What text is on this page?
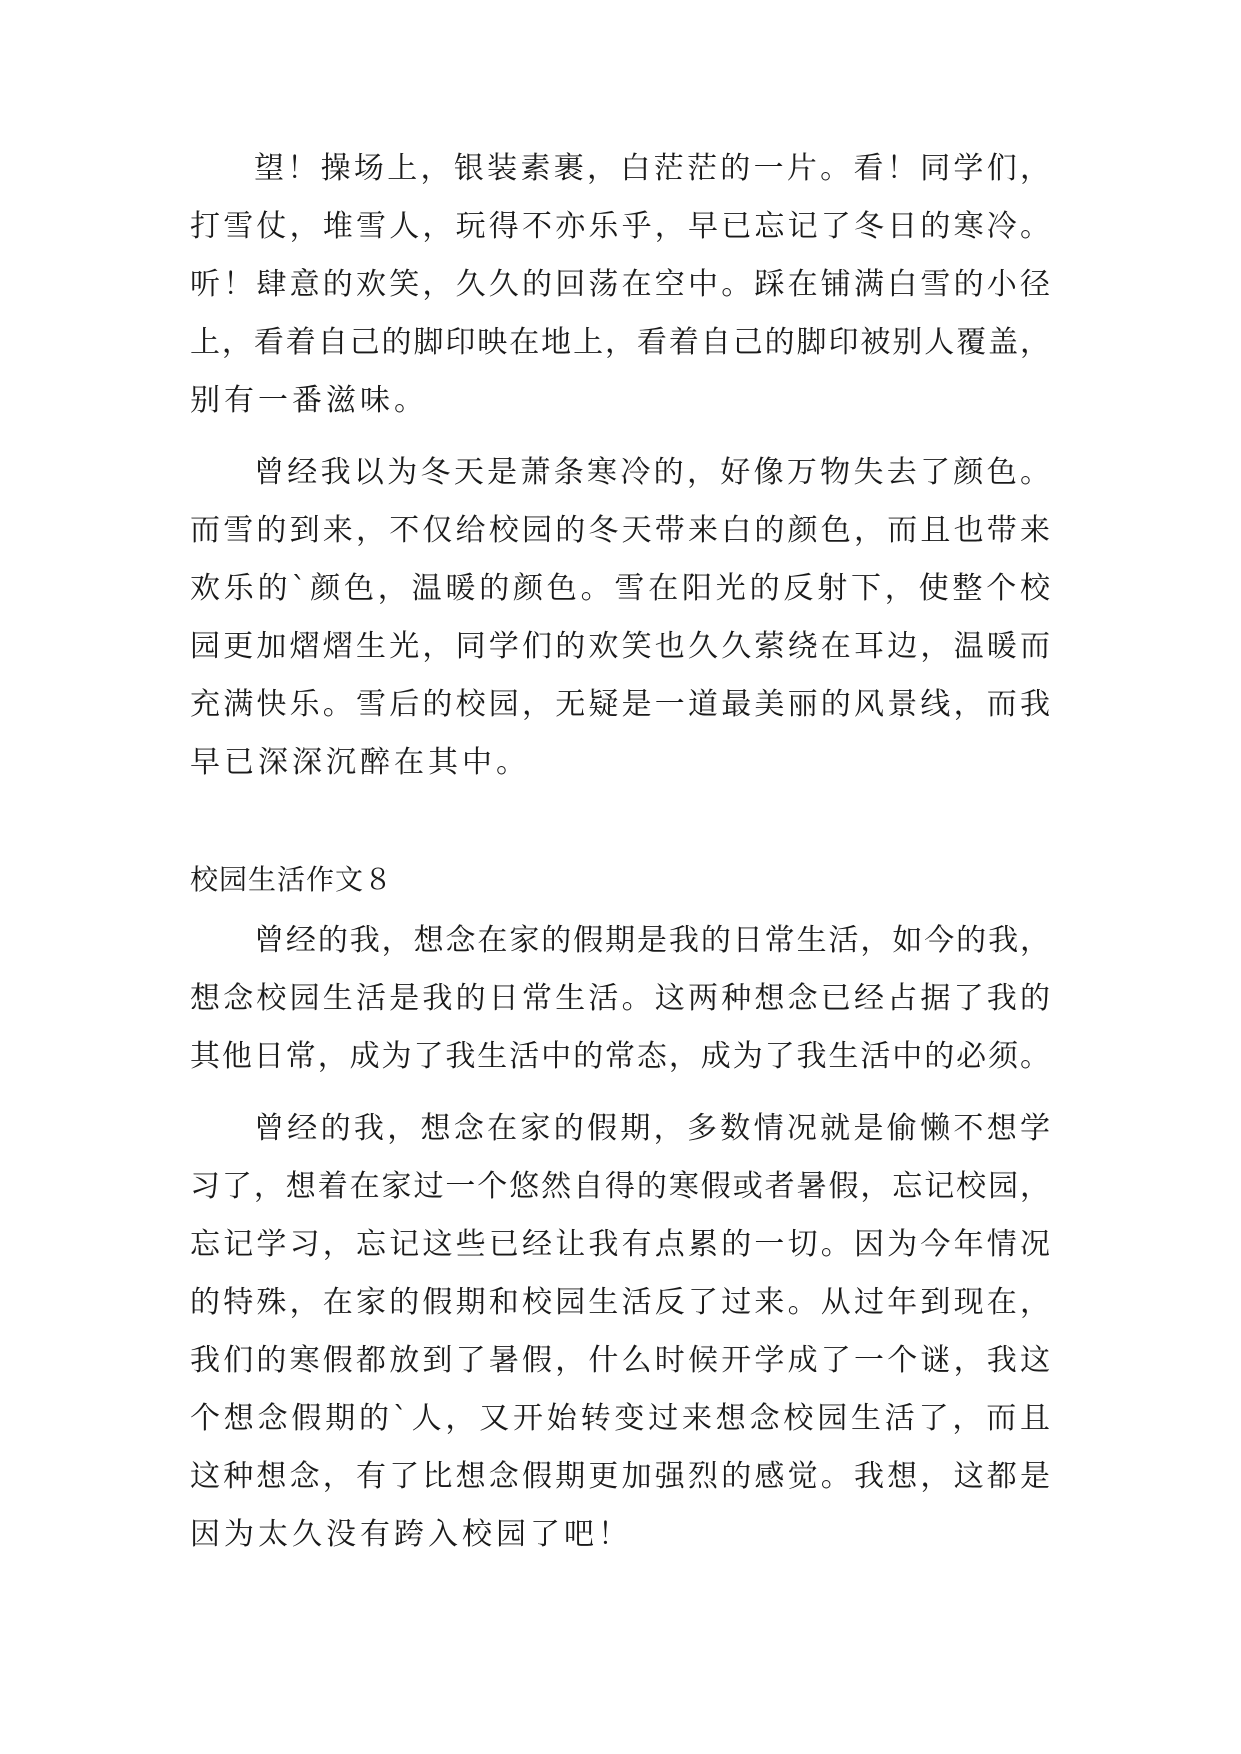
望！操场上，银装素裹，白茫茫的一片。看！同学们，
打雪仗，堆雪人，玩得不亦乐乎，早已忘记了冬日的寒冷。
听！肆意的欢笑，久久的回荡在空中。踩在铺满白雪的小径
上，看着自己的脚印映在地上，看着自己的脚印被别人覆盖，
别有一番滋味。
曾经我以为冬天是萧条寒冷的，好像万物失去了颜色。
而雪的到来，不仅给校园的冬天带来白的颜色，而且也带来
欢乐的`颜色，温暖的颜色。雪在阳光的反射下，使整个校
园更加熠熠生光，同学们的欢笑也久久萦绕在耳边，温暖而
充满快乐。雪后的校园，无疑是一道最美丽的风景线，而我
早已深深沉醉在其中。
校园生活作文８
曾经的我，想念在家的假期是我的日常生活，如今的我，
想念校园生活是我的日常生活。这两种想念已经占据了我的
其他日常，成为了我生活中的常态，成为了我生活中的必须。
曾经的我，想念在家的假期，多数情况就是偷懒不想学
习了，想着在家过一个悠然自得的寒假或者暑假，忘记校园，
忘记学习，忘记这些已经让我有点累的一切。因为今年情况
的特殊，在家的假期和校园生活反了过来。从过年到现在，
我们的寒假都放到了暑假，什么时候开学成了一个谜，我这
个想念假期的`人，又开始转变过来想念校园生活了，而且
这种想念，有了比想念假期更加强烈的感觉。我想，这都是
因为太久没有跨入校园了吧！
